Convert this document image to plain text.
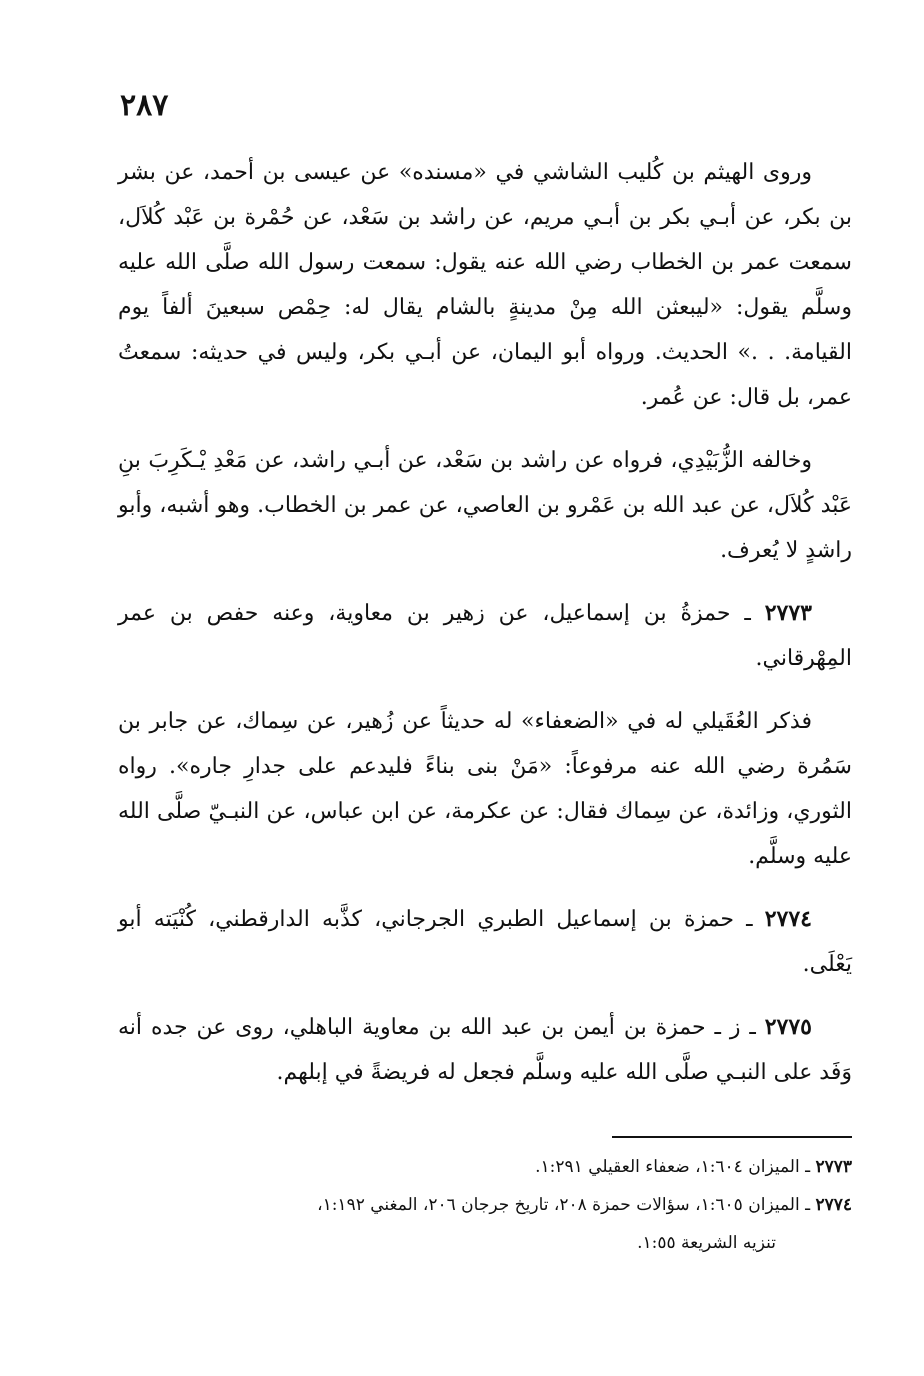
٢٨٧

وروى الهيثم بن كُليب الشاشي في «مسنده» عن عيسى بن أحمد، عن بشر بن بكر، عن أبـي بكر بن أبـي مريم، عن راشد بن سَعْد، عن حُمْرة بن عَبْد كُلاَل، سمعت عمر بن الخطاب رضي الله عنه يقول: سمعت رسول الله صلَّى الله عليه وسلَّم يقول: «ليبعثن الله مِنْ مدينةٍ بالشام يقال له: حِمْص سبعينَ ألفاً يوم القيامة. . .» الحديث. ورواه أبو اليمان، عن أبـي بكر، وليس في حديثه: سمعتُ عمر، بل قال: عن عُمر.

وخالفه الزُّبَيْدِي، فرواه عن راشد بن سَعْد، عن أبـي راشد، عن مَعْدِ يْـكَرِبَ بنِ عَبْد كُلاَل، عن عبد الله بن عَمْرو بن العاصي، عن عمر بن الخطاب. وهو أشبه، وأبو راشدٍ لا يُعرف.

٢٧٧٣ ـ حمزةُ بن إسماعيل، عن زهير بن معاوية، وعنه حفص بن عمر المِهْرقاني.

فذكر العُقَيلي له في «الضعفاء» له حديثاً عن زُهير، عن سِماك، عن جابر بن سَمُرة رضي الله عنه مرفوعاً: «مَنْ بنى بناءً فليدعم على جدارِ جاره». رواه الثوري، وزائدة، عن سِماك فقال: عن عكرمة، عن ابن عباس، عن النبـيّ صلَّى الله عليه وسلَّم.

٢٧٧٤ ـ حمزة بن إسماعيل الطبري الجرجاني، كذَّبه الدارقطني، كُنْيَته أبو يَعْلَى.

٢٧٧٥ ـ ز ـ حمزة بن أيمن بن عبد الله بن معاوية الباهلي، روى عن جده أنه وَفَد على النبـي صلَّى الله عليه وسلَّم فجعل له فريضةً في إبلهم.

٢٧٧٣ ـ الميزان ١:٦٠٤، ضعفاء العقيلي ١:٢٩١.

٢٧٧٤ ـ الميزان ١:٦٠٥، سؤالات حمزة ٢٠٨، تاريخ جرجان ٢٠٦، المغني ١:١٩٢،

تنزيه الشريعة ١:٥٥.
